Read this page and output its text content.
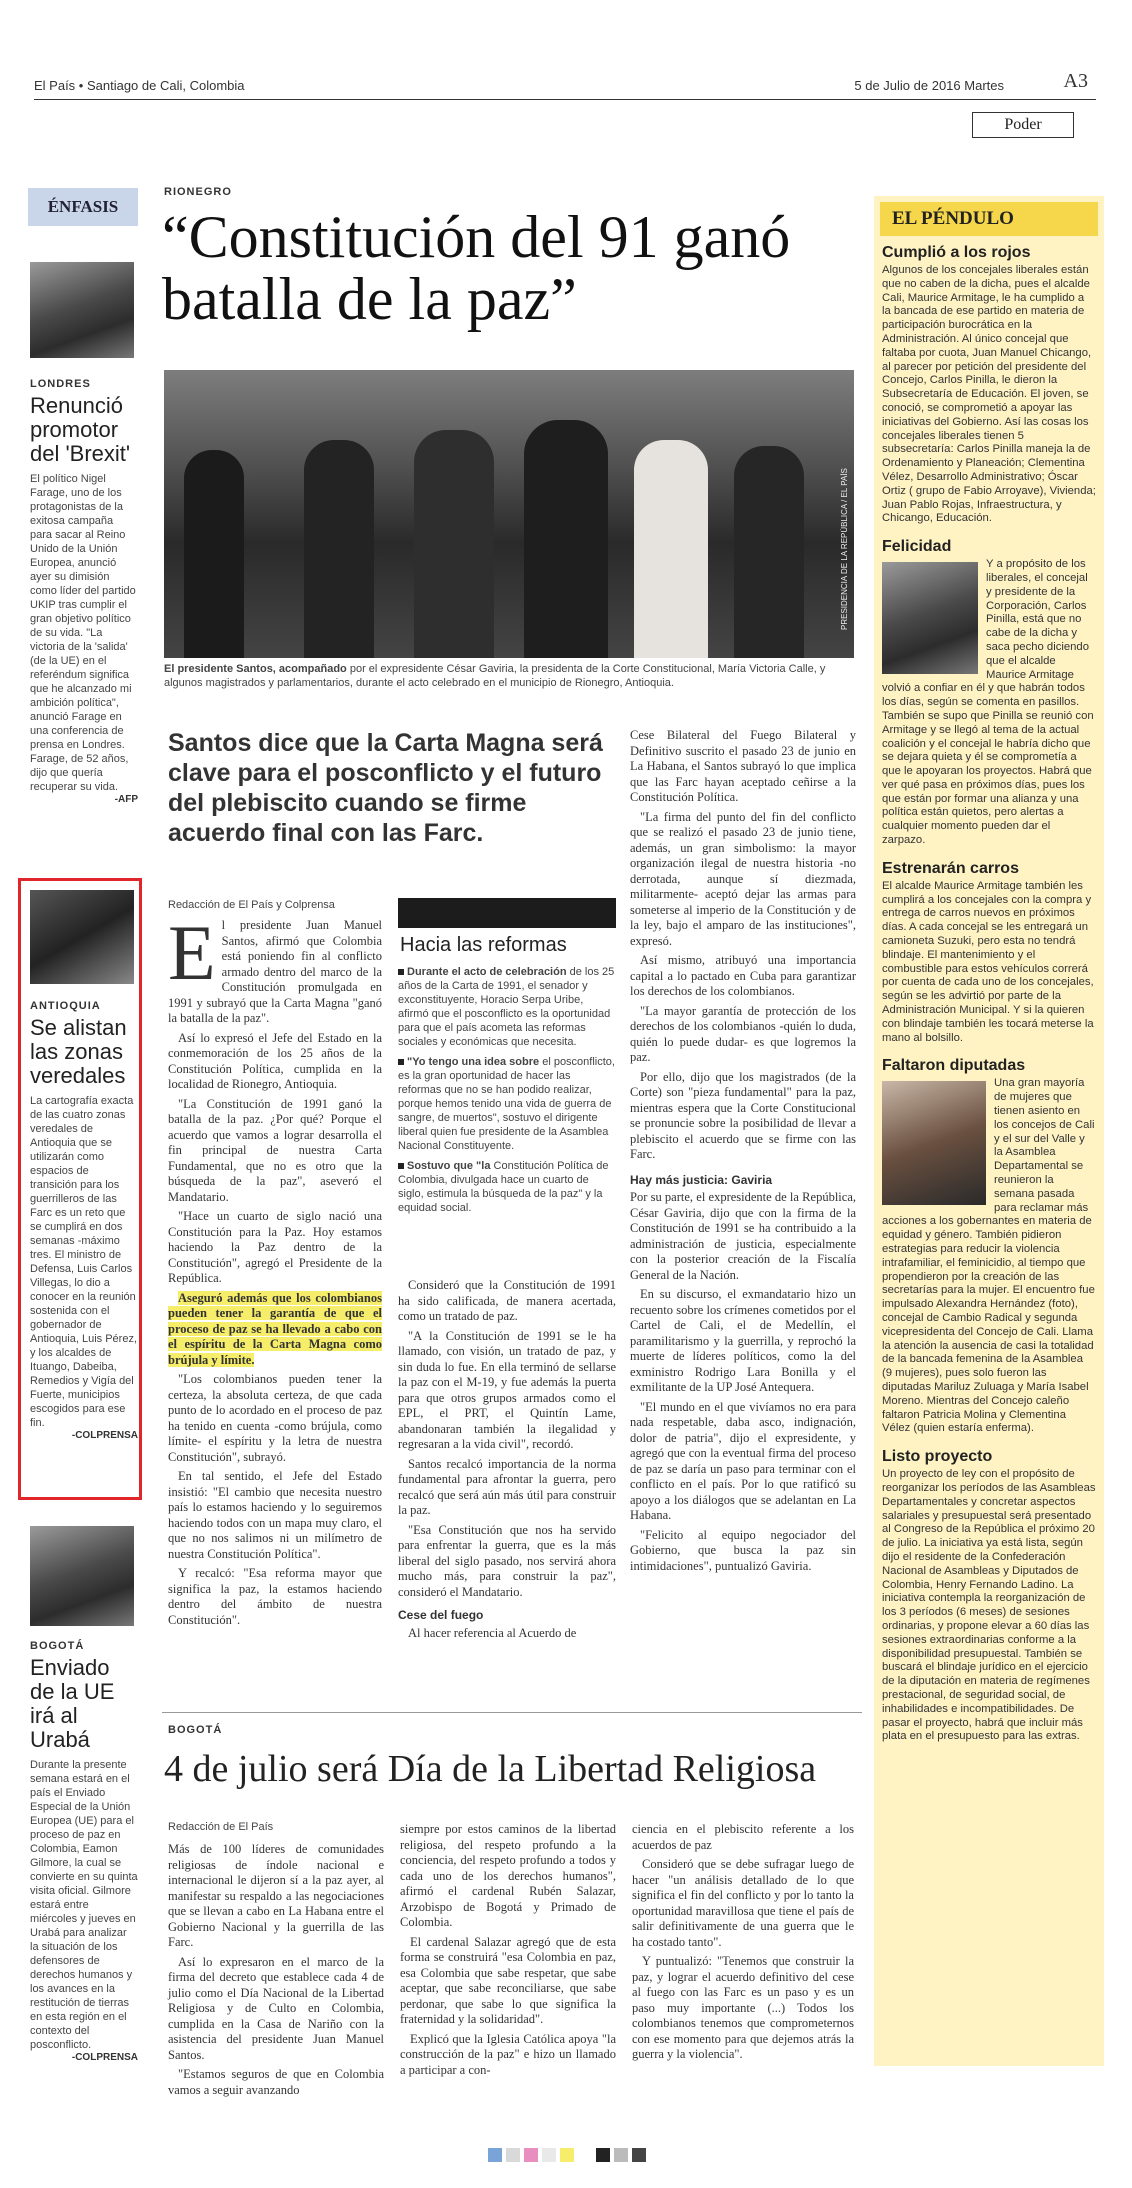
El País • Santiago de Cali, Colombia	5 de Julio de 2016 Martes	A3
Poder
ÉNFASIS
LONDRES
Renunció promotor del 'Brexit'
El político Nigel Farage, uno de los protagonistas de la exitosa campaña para sacar al Reino Unido de la Unión Europea, anunció ayer su dimisión como líder del partido UKIP tras cumplir el gran objetivo político de su vida. "La victoria de la 'salida' (de la UE) en el referéndum significa que he alcanzado mi ambición política", anunció Farage en una conferencia de prensa en Londres. Farage, de 52 años, dijo que quería recuperar su vida.
-AFP
ANTIOQUIA
Se alistan las zonas veredales
La cartografía exacta de las cuatro zonas veredales de Antioquia que se utilizarán como espacios de transición para los guerrilleros de las Farc es un reto que se cumplirá en dos semanas -máximo tres. El ministro de Defensa, Luis Carlos Villegas, lo dio a conocer en la reunión sostenida con el gobernador de Antioquia, Luis Pérez, y los alcaldes de Ituango, Dabeiba, Remedios y Vigía del Fuerte, municipios escogidos para ese fin.
-COLPRENSA
BOGOTÁ
Enviado de la UE irá al Urabá
Durante la presente semana estará en el país el Enviado Especial de la Unión Europea (UE) para el proceso de paz en Colombia, Eamon Gilmore, la cual se convierte en su quinta visita oficial. Gilmore estará entre miércoles y jueves en Urabá para analizar la situación de los defensores de derechos humanos y los avances en la restitución de tierras en esta región en el contexto del posconflicto.
-COLPRENSA
RIONEGRO
“Constitución del 91 ganó batalla de la paz”
PRESIDENCIA DE LA REPÚBLICA / EL PAÍS
El presidente Santos, acompañado por el expresidente César Gaviria, la presidenta de la Corte Constitucional, María Victoria Calle, y algunos magistrados y parlamentarios, durante el acto celebrado en el municipio de Rionegro, Antioquia.
Santos dice que la Carta Magna será clave para el posconflicto y el futuro del plebiscito cuando se firme acuerdo final con las Farc.
Redacción de El País y Colprensa
E l presidente Juan Manuel Santos, afirmó que Colombia está poniendo fin al conflicto armado dentro del marco de la Constitución promulgada en 1991 y subrayó que la Carta Magna "ganó la batalla de la paz".

Así lo expresó el Jefe del Estado en la conmemoración de los 25 años de la Constitución Política, cumplida en la localidad de Rionegro, Antioquia.

"La Constitución de 1991 ganó la batalla de la paz. ¿Por qué? Porque el acuerdo que vamos a lograr desarrolla el fin principal de nuestra Carta Fundamental, que no es otro que la búsqueda de la paz", aseveró el Mandatario.

"Hace un cuarto de siglo nació una Constitución para la Paz. Hoy estamos haciendo la Paz dentro de la Constitución", agregó el Presidente de la República.

Aseguró además que los colombianos pueden tener la garantía de que el proceso de paz se ha llevado a cabo con el espíritu de la Carta Magna como brújula y límite.

"Los colombianos pueden tener la certeza, la absoluta certeza, de que cada punto de lo acordado en el proceso de paz ha tenido en cuenta -como brújula, como límite- el espíritu y la letra de nuestra Constitución", subrayó.

En tal sentido, el Jefe del Estado insistió: "El cambio que necesita nuestro país lo estamos haciendo y lo seguiremos haciendo todos con un mapa muy claro, el que no nos salimos ni un milímetro de nuestra Constitución Política".

Y recalcó: "Esa reforma mayor que significa la paz, la estamos haciendo dentro del ámbito de nuestra Constitución".

Hacia las reformas
Durante el acto de celebración de los 25 años de la Carta de 1991, el senador y exconstituyente, Horacio Serpa Uribe, afirmó que el posconflicto es la oportunidad para que el país acometa las reformas sociales y económicas que necesita.
"Yo tengo una idea sobre el posconflicto, es la gran oportunidad de hacer las reformas que no se han podido realizar, porque hemos tenido una vida de guerra de sangre, de muertos", sostuvo el dirigente liberal quien fue presidente de la Asamblea Nacional Constituyente.
Sostuvo que "la Constitución Política de Colombia, divulgada hace un cuarto de siglo, estimula la búsqueda de la paz" y la equidad social.

Consideró que la Constitución de 1991 ha sido calificada, de manera acertada, como un tratado de paz.

"A la Constitución de 1991 se le ha llamado, con visión, un tratado de paz, y sin duda lo fue. En ella terminó de sellarse la paz con el M-19, y fue además la puerta para que otros grupos armados como el EPL, el PRT, el Quintín Lame, abandonaran también la ilegalidad y regresaran a la vida civil", recordó.

Santos recalcó importancia de la norma fundamental para afrontar la guerra, pero recalcó que será aún más útil para construir la paz.

"Esa Constitución que nos ha servido para enfrentar la guerra, que es la más liberal del siglo pasado, nos servirá ahora mucho más, para construir la paz", consideró el Mandatario.

Cese del fuego

Al hacer referencia al Acuerdo de

Cese Bilateral del Fuego Bilateral y Definitivo suscrito el pasado 23 de junio en La Habana, el Santos subrayó lo que implica que las Farc hayan aceptado ceñirse a la Constitución Política.

"La firma del punto del fin del conflicto que se realizó el pasado 23 de junio tiene, además, un gran simbolismo: la mayor organización ilegal de nuestra historia -no derrotada, aunque sí diezmada, militarmente- aceptó dejar las armas para someterse al imperio de la Constitución y de la ley, bajo el amparo de las instituciones", expresó.

Así mismo, atribuyó una importancia capital a lo pactado en Cuba para garantizar los derechos de los colombianos.

"La mayor garantía de protección de los derechos de los colombianos -quién lo duda, quién lo puede dudar- es que logremos la paz.

Por ello, dijo que los magistrados (de la Corte) son "pieza fundamental" para la paz, mientras espera que la Corte Constitucional se pronuncie sobre la posibilidad de llevar a plebiscito el acuerdo que se firme con las Farc.

Hay más justicia: Gaviria

Por su parte, el expresidente de la República, César Gaviria, dijo que con la firma de la Constitución de 1991 se ha contribuido a la administración de justicia, especialmente con la posterior creación de la Fiscalía General de la Nación.

En su discurso, el exmandatario hizo un recuento sobre los crímenes cometidos por el Cartel de Cali, el de Medellín, el paramilitarismo y la guerrilla, y reprochó la muerte de líderes políticos, como la del exministro Rodrigo Lara Bonilla y el exmilitante de la UP José Antequera.

"El mundo en el que vivíamos no era para nada respetable, daba asco, indignación, dolor de patria", dijo el expresidente, y agregó que con la eventual firma del proceso de paz se daría un paso para terminar con el conflicto en el país. Por lo que ratificó su apoyo a los diálogos que se adelantan en La Habana.

"Felicito al equipo negociador del Gobierno, que busca la paz sin intimidaciones", puntualizó Gaviria.

BOGOTÁ
4 de julio será Día de la Libertad Religiosa
Redacción de El País

Más de 100 líderes de comunidades religiosas de índole nacional e internacional le dijeron sí a la paz ayer, al manifestar su respaldo a las negociaciones que se llevan a cabo en La Habana entre el Gobierno Nacional y la guerrilla de las Farc.

Así lo expresaron en el marco de la firma del decreto que establece cada 4 de julio como el Día Nacional de la Libertad Religiosa y de Culto en Colombia, cumplida en la Casa de Nariño con la asistencia del presidente Juan Manuel Santos.

"Estamos seguros de que en Colombia vamos a seguir avanzando

siempre por estos caminos de la libertad religiosa, del respeto profundo a la conciencia, del respeto profundo a todos y cada uno de los derechos humanos", afirmó el cardenal Rubén Salazar, Arzobispo de Bogotá y Primado de Colombia.

El cardenal Salazar agregó que de esta forma se construirá "esa Colombia en paz, esa Colombia que sabe respetar, que sabe aceptar, que sabe reconciliarse, que sabe perdonar, que sabe lo que significa la fraternidad y la solidaridad".

Explicó que la Iglesia Católica apoya "la construcción de la paz" e hizo un llamado a participar a con-

ciencia en el plebiscito referente a los acuerdos de paz

Consideró que se debe sufragar luego de hacer "un análisis detallado de lo que significa el fin del conflicto y por lo tanto la oportunidad maravillosa que tiene el país de salir definitivamente de una guerra que le ha costado tanto".

Y puntualizó: "Tenemos que construir la paz, y lograr el acuerdo definitivo del cese al fuego con las Farc es un paso y es un paso muy importante (...) Todos los colombianos tenemos que comprometernos con ese momento para que dejemos atrás la guerra y la violencia".

EL PÉNDULO
Cumplió a los rojos
Algunos de los concejales liberales están que no caben de la dicha, pues el alcalde Cali, Maurice Armitage, le ha cumplido a la bancada de ese partido en materia de participación burocrática en la Administración. Al único concejal que faltaba por cuota, Juan Manuel Chicango, al parecer por petición del presidente del Concejo, Carlos Pinilla, le dieron la Subsecretaría de Educación. El joven, se conoció, se comprometió a apoyar las iniciativas del Gobierno. Así las cosas los concejales liberales tienen 5 subsecretaría: Carlos Pinilla maneja la de Ordenamiento y Planeación; Clementina Vélez, Desarrollo Administrativo; Óscar Ortiz ( grupo de Fabio Arroyave), Vivienda; Juan Pablo Rojas, Infraestructura, y Chicango, Educación.
Felicidad
Y a propósito de los liberales, el concejal y presidente de la Corporación, Carlos Pinilla, está que no cabe de la dicha y saca pecho diciendo que el alcalde Maurice Armitage volvió a confiar en él y que habrán todos los días, según se comenta en pasillos. También se supo que Pinilla se reunió con Armitage y se llegó al tema de la actual coalición y el concejal le habría dicho que se dejara quieta y él se comprometía a que le apoyaran los proyectos. Habrá que ver qué pasa en próximos días, pues los que están por formar una alianza y una política están quietos, pero alertas a cualquier momento pueden dar el zarpazo.
Estrenarán carros
El alcalde Maurice Armitage también les cumplirá a los concejales con la compra y entrega de carros nuevos en próximos días. A cada concejal se les entregará un camioneta Suzuki, pero esta no tendrá blindaje. El mantenimiento y el combustible para estos vehículos correrá por cuenta de cada uno de los concejales, según se les advirtió por parte de la Administración Municipal. Y si la quieren con blindaje también les tocará meterse la mano al bolsillo.
Faltaron diputadas
Una gran mayoría de mujeres que tienen asiento en los concejos de Cali y el sur del Valle y la Asamblea Departamental se reunieron la semana pasada para reclamar más acciones a los gobernantes en materia de equidad y género. También pidieron estrategias para reducir la violencia intrafamiliar, el feminicidio, al tiempo que propendieron por la creación de las secretarías para la mujer. El encuentro fue impulsado Alexandra Hernández (foto), concejal de Cambio Radical y segunda vicepresidenta del Concejo de Cali. Llama la atención la ausencia de casi la totalidad de la bancada femenina de la Asamblea (9 mujeres), pues solo fueron las diputadas Mariluz Zuluaga y María Isabel Moreno. Mientras del Concejo caleño faltaron Patricia Molina y Clementina Vélez (quien estaría enferma).
Listo proyecto
Un proyecto de ley con el propósito de reorganizar los períodos de las Asambleas Departamentales y concretar aspectos salariales y presupuestal será presentado al Congreso de la República el próximo 20 de julio. La iniciativa ya está lista, según dijo el residente de la Confederación Nacional de Asambleas y Diputados de Colombia, Henry Fernando Ladino. La iniciativa contempla la reorganización de los 3 períodos (6 meses) de sesiones ordinarias, y propone elevar a 60 días las sesiones extraordinarias conforme a la disponibilidad presupuestal. También se buscará el blindaje jurídico en el ejercicio de la diputación en materia de regímenes prestacional, de seguridad social, de inhabilidades e incompatibilidades. De pasar el proyecto, habrá que incluir más plata en el presupuesto para las extras.
